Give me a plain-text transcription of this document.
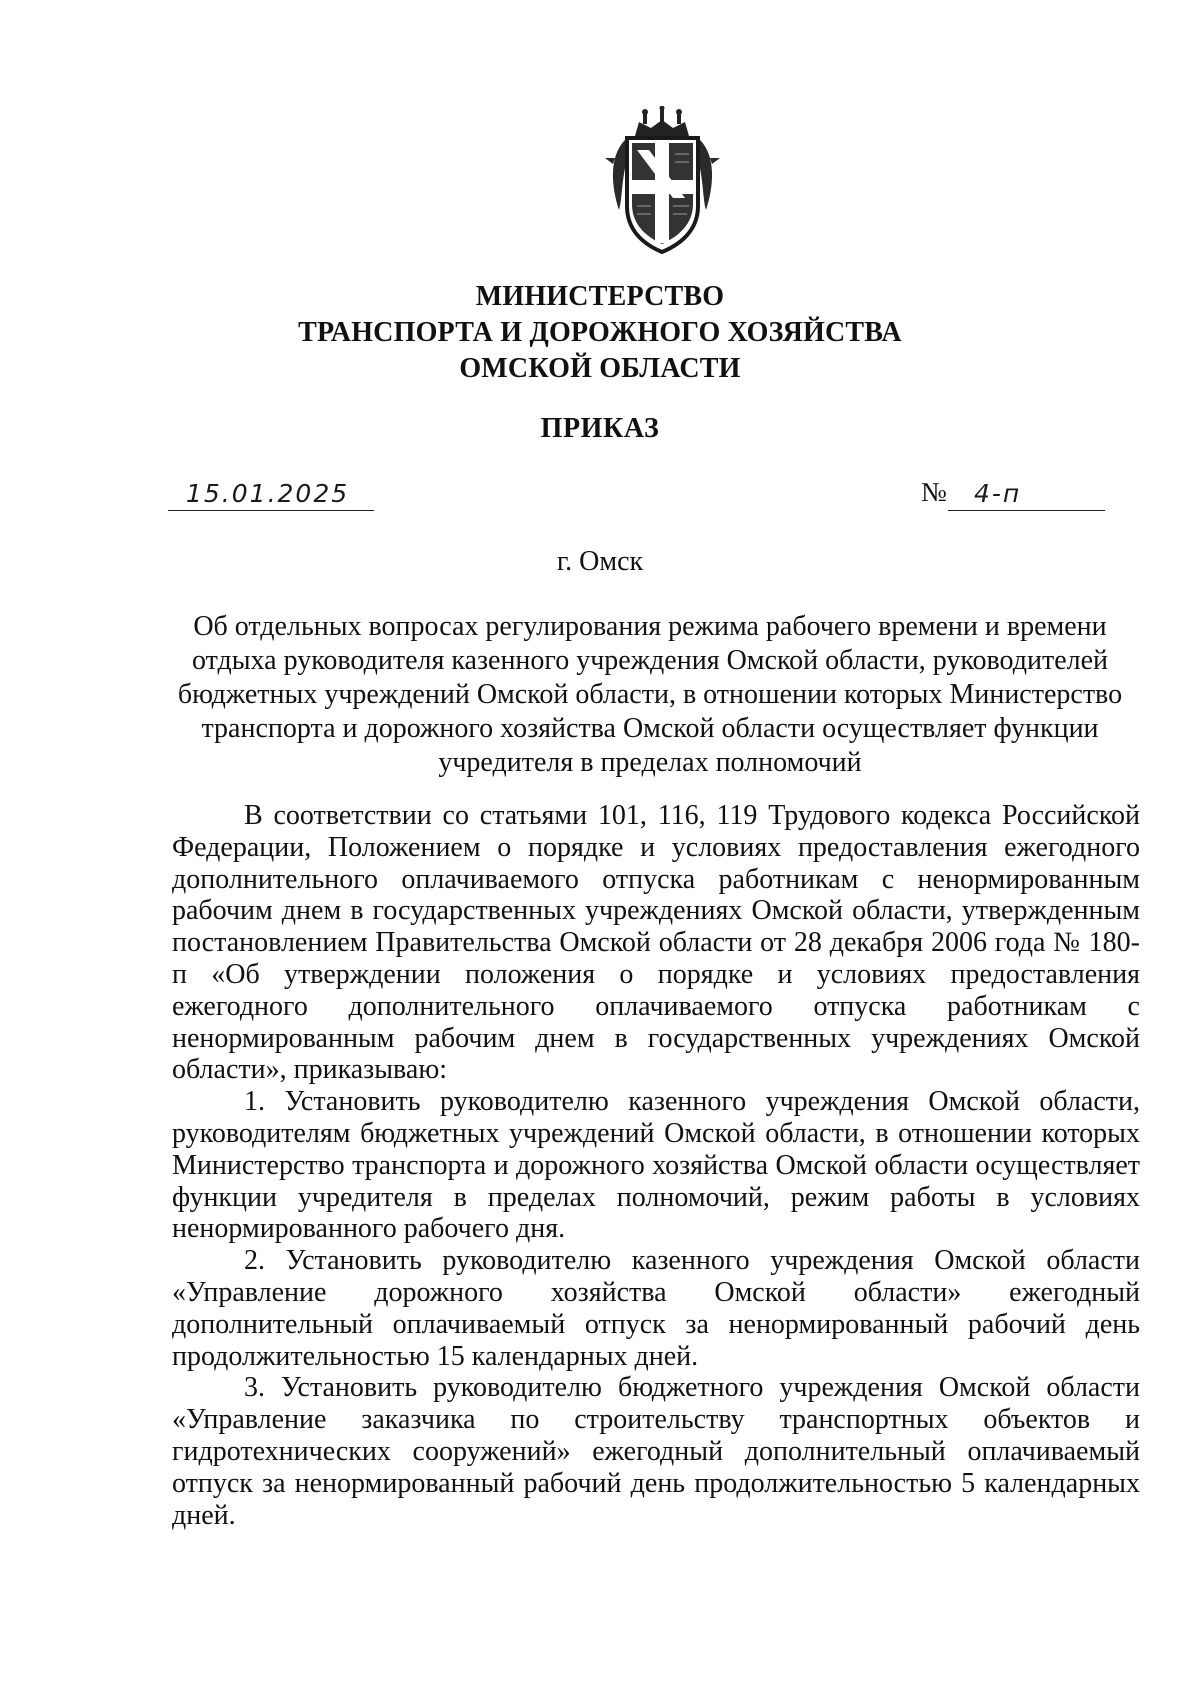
МИНИСТЕРСТВО
ТРАНСПОРТА И ДОРОЖНОГО ХОЗЯЙСТВА
ОМСКОЙ ОБЛАСТИ
ПРИКАЗ
15.01.2025	№ 4-п
г. Омск
Об отдельных вопросах регулирования режима рабочего времени и времени отдыха руководителя казенного учреждения Омской области, руководителей бюджетных учреждений Омской области, в отношении которых Министерство транспорта и дорожного хозяйства Омской области осуществляет функции учредителя в пределах полномочий

В соответствии со статьями 101, 116, 119 Трудового кодекса Российской Федерации, Положением о порядке и условиях предоставления ежегодного дополнительного оплачиваемого отпуска работникам с ненормированным рабочим днем в государственных учреждениях Омской области, утвержденным постановлением Правительства Омской области от 28 декабря 2006 года № 180-п «Об утверждении положения о порядке и условиях предоставления ежегодного дополнительного оплачиваемого отпуска работникам с ненормированным рабочим днем в государственных учреждениях Омской области», приказываю:

1. Установить руководителю казенного учреждения Омской области, руководителям бюджетных учреждений Омской области, в отношении которых Министерство транспорта и дорожного хозяйства Омской области осуществляет функции учредителя в пределах полномочий, режим работы в условиях ненормированного рабочего дня.

2. Установить руководителю казенного учреждения Омской области «Управление дорожного хозяйства Омской области» ежегодный дополнительный оплачиваемый отпуск за ненормированный рабочий день продолжительностью 15 календарных дней.

3. Установить руководителю бюджетного учреждения Омской области «Управление заказчика по строительству транспортных объектов и гидротехнических сооружений» ежегодный дополнительный оплачиваемый отпуск за ненормированный рабочий день продолжительностью 5 календарных дней.
